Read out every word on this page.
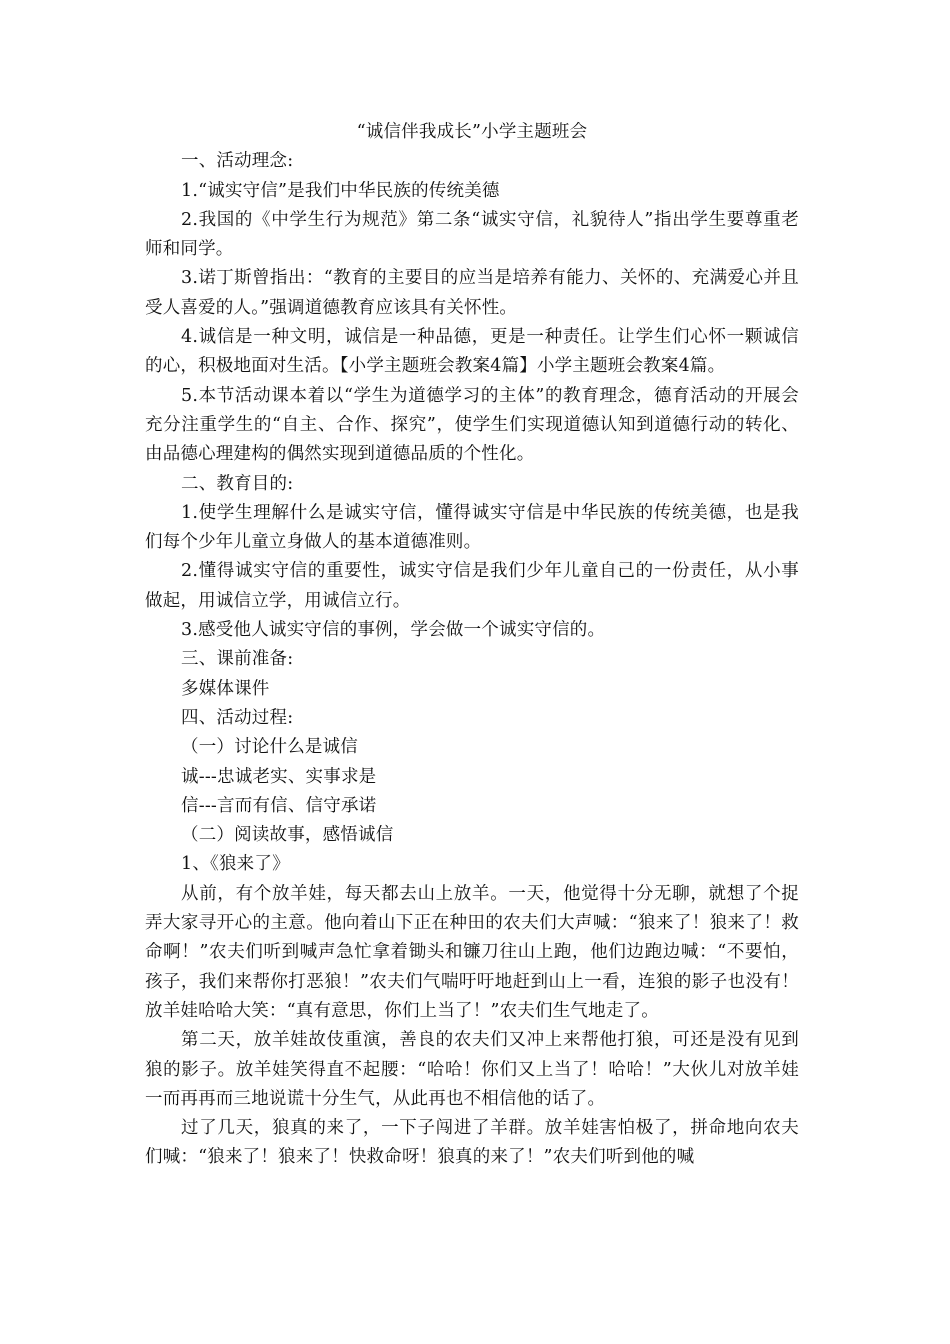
“诚信伴我成长”小学主题班会

一、活动理念:

1.“诚实守信”是我们中华民族的传统美德

2.我国的《中学生行为规范》第二条“诚实守信，礼貌待人”指出学生要尊重老师和同学。

3.诺丁斯曾指出：“教育的主要目的应当是培养有能力、关怀的、充满爱心并且受人喜爱的人。”强调道德教育应该具有关怀性。

4.诚信是一种文明，诚信是一种品德，更是一种责任。让学生们心怀一颗诚信的心，积极地面对生活。【小学主题班会教案4篇】小学主题班会教案4篇。

5.本节活动课本着以“学生为道德学习的主体”的教育理念，德育活动的开展会充分注重学生的“自主、合作、探究”，使学生们实现道德认知到道德行动的转化、由品德心理建构的偶然实现到道德品质的个性化。

二、教育目的:

1.使学生理解什么是诚实守信，懂得诚实守信是中华民族的传统美德，也是我们每个少年儿童立身做人的基本道德准则。

2.懂得诚实守信的重要性，诚实守信是我们少年儿童自己的一份责任，从小事做起，用诚信立学，用诚信立行。

3.感受他人诚实守信的事例，学会做一个诚实守信的。

三、课前准备:

多媒体课件

四、活动过程:

（一）讨论什么是诚信

诚---忠诚老实、实事求是

信---言而有信、信守承诺

（二）阅读故事，感悟诚信

1、《狼来了》

从前，有个放羊娃，每天都去山上放羊。一天，他觉得十分无聊，就想了个捉弄大家寻开心的主意。他向着山下正在种田的农夫们大声喊：“狼来了！狼来了！救命啊！”农夫们听到喊声急忙拿着锄头和镰刀往山上跑，他们边跑边喊：“不要怕，孩子，我们来帮你打恶狼！”农夫们气喘吁吁地赶到山上一看，连狼的影子也没有！放羊娃哈哈大笑：“真有意思，你们上当了！”农夫们生气地走了。

第二天，放羊娃故伎重演，善良的农夫们又冲上来帮他打狼，可还是没有见到狼的影子。放羊娃笑得直不起腰：“哈哈！你们又上当了！哈哈！”大伙儿对放羊娃一而再再而三地说谎十分生气，从此再也不相信他的话了。

过了几天，狼真的来了，一下子闯进了羊群。放羊娃害怕极了，拼命地向农夫们喊：“狼来了！狼来了！快救命呀！狼真的来了！”农夫们听到他的喊
